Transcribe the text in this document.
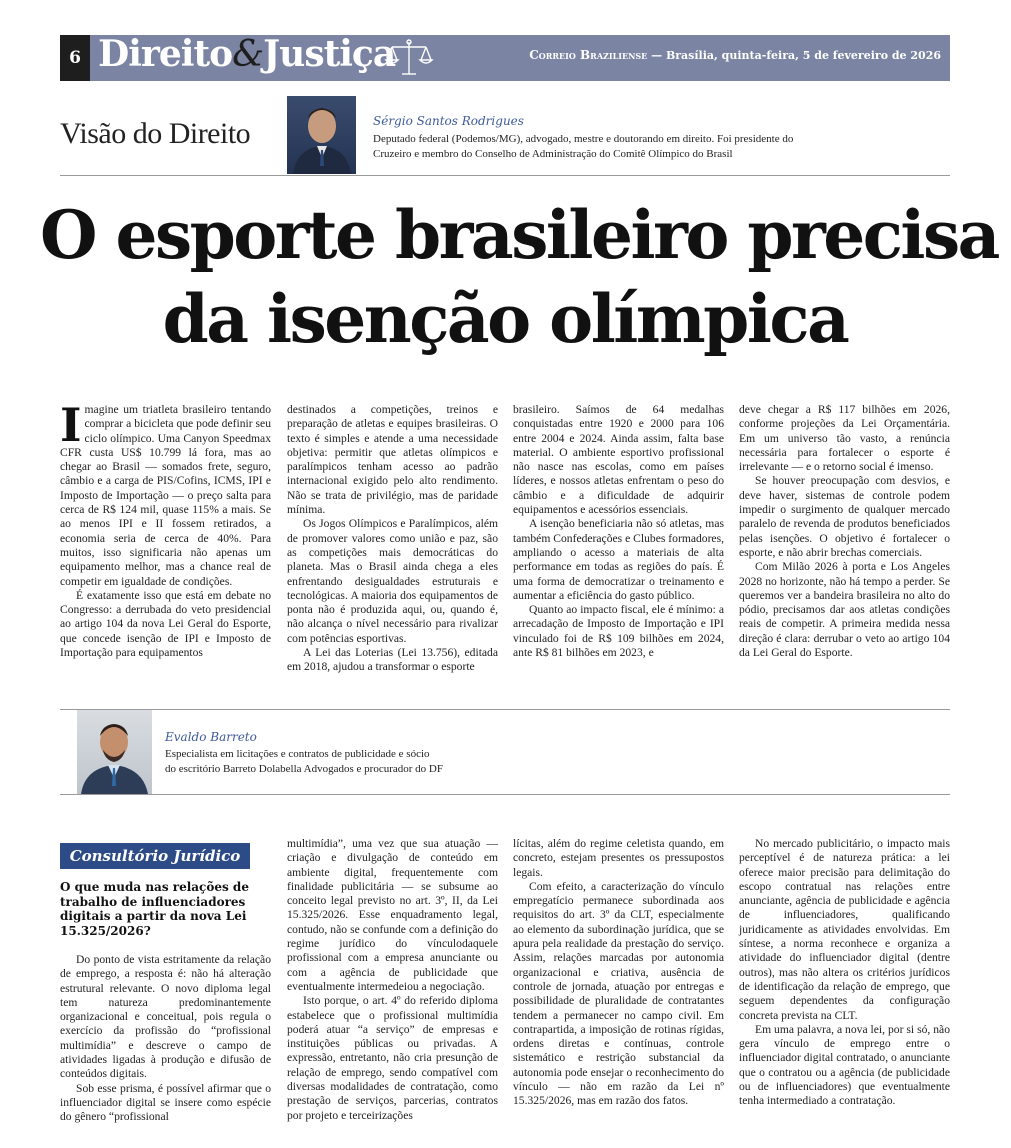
6 Direito&Justiça	Correio Braziliense — Brasília, quinta-feira, 5 de fevereiro de 2026
Visão do Direito	Sérgio Santos Rodrigues
Deputado federal (Podemos/MG), advogado, mestre e doutorando em direito. Foi presidente do
Cruzeiro e membro do Conselho de Administração do Comitê Olímpico do Brasil
O esporte brasileiro precisa
da isenção olímpica

Imagine um triatleta brasileiro tentando comprar a bicicleta que pode definir seu ciclo olímpico. Uma Canyon Speedmax CFR custa US$ 10.799 lá fora, mas ao chegar ao Brasil — somados frete, seguro, câmbio e a carga de PIS/Cofins, ICMS, IPI e Imposto de Importação — o preço salta para cerca de R$ 124 mil, quase 115% a mais. Se ao menos IPI e II fossem retirados, a economia seria de cerca de 40%. Para muitos, isso significaria não apenas um equipamento melhor, mas a chance real de competir em igualdade de condições.

É exatamente isso que está em debate no Congresso: a derrubada do veto presidencial ao artigo 104 da nova Lei Geral do Esporte, que concede isenção de IPI e Imposto de Importação para equipamentos

destinados a competições, treinos e preparação de atletas e equipes brasileiras. O texto é simples e atende a uma necessidade objetiva: permitir que atletas olímpicos e paralímpicos tenham acesso ao padrão internacional exigido pelo alto rendimento. Não se trata de privilégio, mas de paridade mínima.

Os Jogos Olímpicos e Paralímpicos, além de promover valores como união e paz, são as competições mais democráticas do planeta. Mas o Brasil ainda chega a eles enfrentando desigualdades estruturais e tecnológicas. A maioria dos equipamentos de ponta não é produzida aqui, ou, quando é, não alcança o nível necessário para rivalizar com potências esportivas.

A Lei das Loterias (Lei 13.756), editada em 2018, ajudou a transformar o esporte

brasileiro. Saímos de 64 medalhas conquistadas entre 1920 e 2000 para 106 entre 2004 e 2024. Ainda assim, falta base material. O ambiente esportivo profissional não nasce nas escolas, como em países líderes, e nossos atletas enfrentam o peso do câmbio e a dificuldade de adquirir equipamentos e acessórios essenciais.

A isenção beneficiaria não só atletas, mas também Confederações e Clubes formadores, ampliando o acesso a materiais de alta performance em todas as regiões do país. É uma forma de democratizar o treinamento e aumentar a eficiência do gasto público.

Quanto ao impacto fiscal, ele é mínimo: a arrecadação de Imposto de Importação e IPI vinculado foi de R$ 109 bilhões em 2024, ante R$ 81 bilhões em 2023, e

deve chegar a R$ 117 bilhões em 2026, conforme projeções da Lei Orçamentária. Em um universo tão vasto, a renúncia necessária para fortalecer o esporte é irrelevante — e o retorno social é imenso.

Se houver preocupação com desvios, e deve haver, sistemas de controle podem impedir o surgimento de qualquer mercado paralelo de revenda de produtos beneficiados pelas isenções. O objetivo é fortalecer o esporte, e não abrir brechas comerciais.

Com Milão 2026 à porta e Los Angeles 2028 no horizonte, não há tempo a perder. Se queremos ver a bandeira brasileira no alto do pódio, precisamos dar aos atletas condições reais de competir. A primeira medida nessa direção é clara: derrubar o veto ao artigo 104 da Lei Geral do Esporte.

Evaldo Barreto
Especialista em licitações e contratos de publicidade e sócio
do escritório Barreto Dolabella Advogados e procurador do DF
Consultório Jurídico
O que muda nas relações de trabalho de influenciadores digitais a partir da nova Lei 15.325/2026?

Do ponto de vista estritamente da relação de emprego, a resposta é: não há alteração estrutural relevante. O novo diploma legal tem natureza predominantemente organizacional e conceitual, pois regula o exercício da profissão do “profissional multimídia” e descreve o campo de atividades ligadas à produção e difusão de conteúdos digitais.

Sob esse prisma, é possível afirmar que o influenciador digital se insere como espécie do gênero “profissional

multimídia”, uma vez que sua atuação — criação e divulgação de conteúdo em ambiente digital, frequentemente com finalidade publicitária — se subsume ao conceito legal previsto no art. 3º, II, da Lei 15.325/2026. Esse enquadramento legal, contudo, não se confunde com a definição do regime jurídico do vínculodaquele profissional com a empresa anunciante ou com a agência de publicidade que eventualmente intermedeiou a negociação.

Isto porque, o art. 4º do referido diploma estabelece que o profissional multimídia poderá atuar “a serviço” de empresas e instituições públicas ou privadas. A expressão, entretanto, não cria presunção de relação de emprego, sendo compatível com diversas modalidades de contratação, como prestação de serviços, parcerias, contratos por projeto e terceirizações

lícitas, além do regime celetista quando, em concreto, estejam presentes os pressupostos legais.

Com efeito, a caracterização do vínculo empregatício permanece subordinada aos requisitos do art. 3º da CLT, especialmente ao elemento da subordinação jurídica, que se apura pela realidade da prestação do serviço. Assim, relações marcadas por autonomia organizacional e criativa, ausência de controle de jornada, atuação por entregas e possibilidade de pluralidade de contratantes tendem a permanecer no campo civil. Em contrapartida, a imposição de rotinas rígidas, ordens diretas e contínuas, controle sistemático e restrição substancial da autonomia pode ensejar o reconhecimento do vínculo — não em razão da Lei nº 15.325/2026, mas em razão dos fatos.

No mercado publicitário, o impacto mais perceptível é de natureza prática: a lei oferece maior precisão para delimitação do escopo contratual nas relações entre anunciante, agência de publicidade e agência de influenciadores, qualificando juridicamente as atividades envolvidas. Em síntese, a norma reconhece e organiza a atividade do influenciador digital (dentre outros), mas não altera os critérios jurídicos de identificação da relação de emprego, que seguem dependentes da configuração concreta prevista na CLT.

Em uma palavra, a nova lei, por si só, não gera vínculo de emprego entre o influenciador digital contratado, o anunciante que o contratou ou a agência (de publicidade ou de influenciadores) que eventualmente tenha intermediado a contratação.
